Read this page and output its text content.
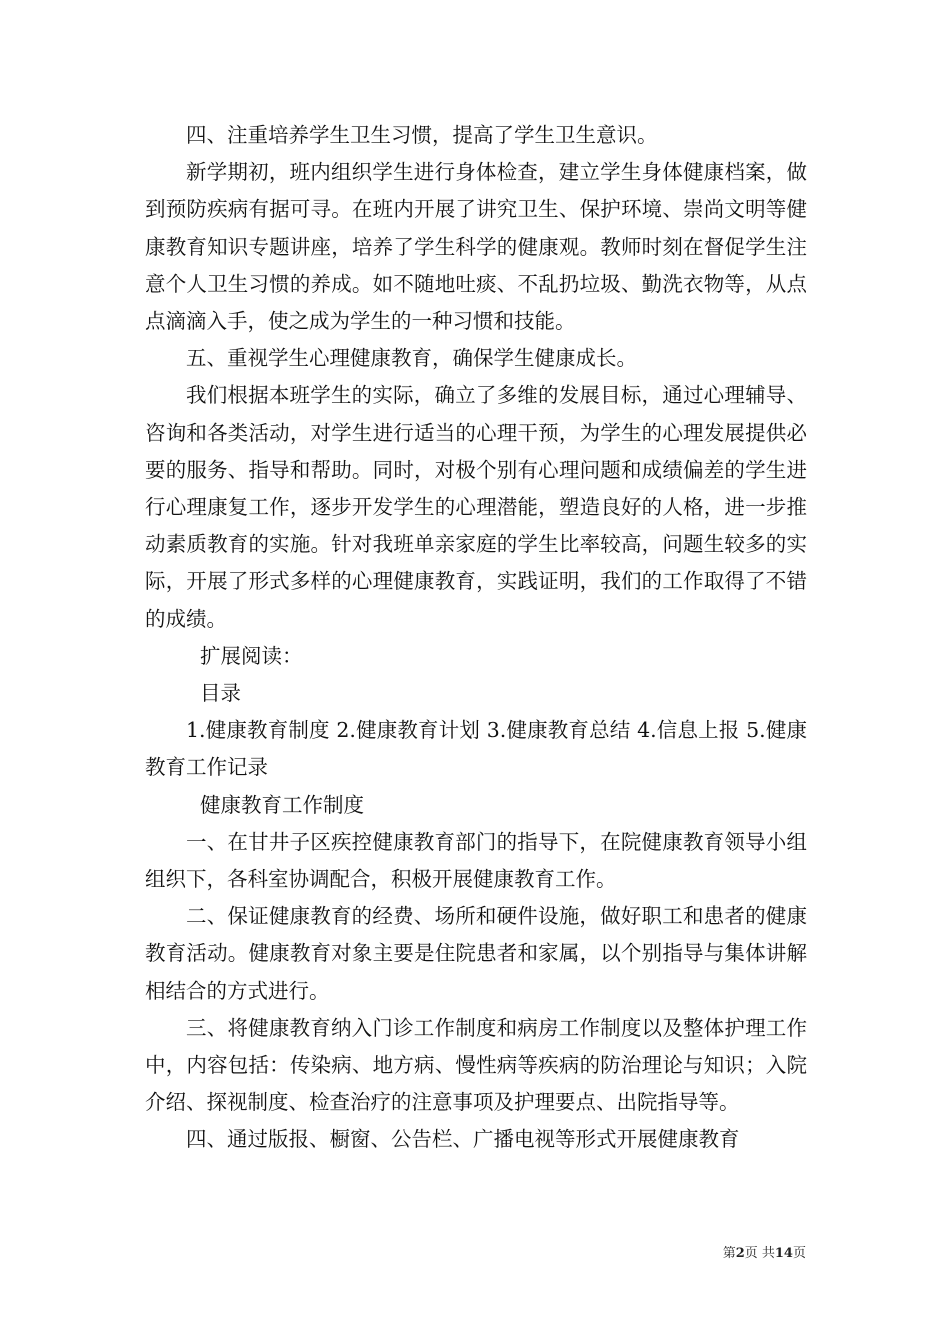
四、注重培养学生卫生习惯，提高了学生卫生意识。

新学期初，班内组织学生进行身体检查，建立学生身体健康档案，做到预防疾病有据可寻。在班内开展了讲究卫生、保护环境、崇尚文明等健康教育知识专题讲座，培养了学生科学的健康观。教师时刻在督促学生注意个人卫生习惯的养成。如不随地吐痰、不乱扔垃圾、勤洗衣物等，从点点滴滴入手，使之成为学生的一种习惯和技能。

五、重视学生心理健康教育，确保学生健康成长。

我们根据本班学生的实际，确立了多维的发展目标，通过心理辅导、咨询和各类活动，对学生进行适当的心理干预，为学生的心理发展提供必要的服务、指导和帮助。同时，对极个别有心理问题和成绩偏差的学生进行心理康复工作，逐步开发学生的心理潜能，塑造良好的人格，进一步推动素质教育的实施。针对我班单亲家庭的学生比率较高，问题生较多的实际，开展了形式多样的心理健康教育，实践证明，我们的工作取得了不错的成绩。

扩展阅读：

目录

1.健康教育制度 2.健康教育计划 3.健康教育总结 4.信息上报 5.健康教育工作记录

健康教育工作制度

一、在甘井子区疾控健康教育部门的指导下，在院健康教育领导小组组织下，各科室协调配合，积极开展健康教育工作。

二、保证健康教育的经费、场所和硬件设施，做好职工和患者的健康教育活动。健康教育对象主要是住院患者和家属，以个别指导与集体讲解相结合的方式进行。

三、将健康教育纳入门诊工作制度和病房工作制度以及整体护理工作中，内容包括：传染病、地方病、慢性病等疾病的防治理论与知识；入院介绍、探视制度、检查治疗的注意事项及护理要点、出院指导等。

四、通过版报、橱窗、公告栏、广播电视等形式开展健康教育

第2页 共14页
